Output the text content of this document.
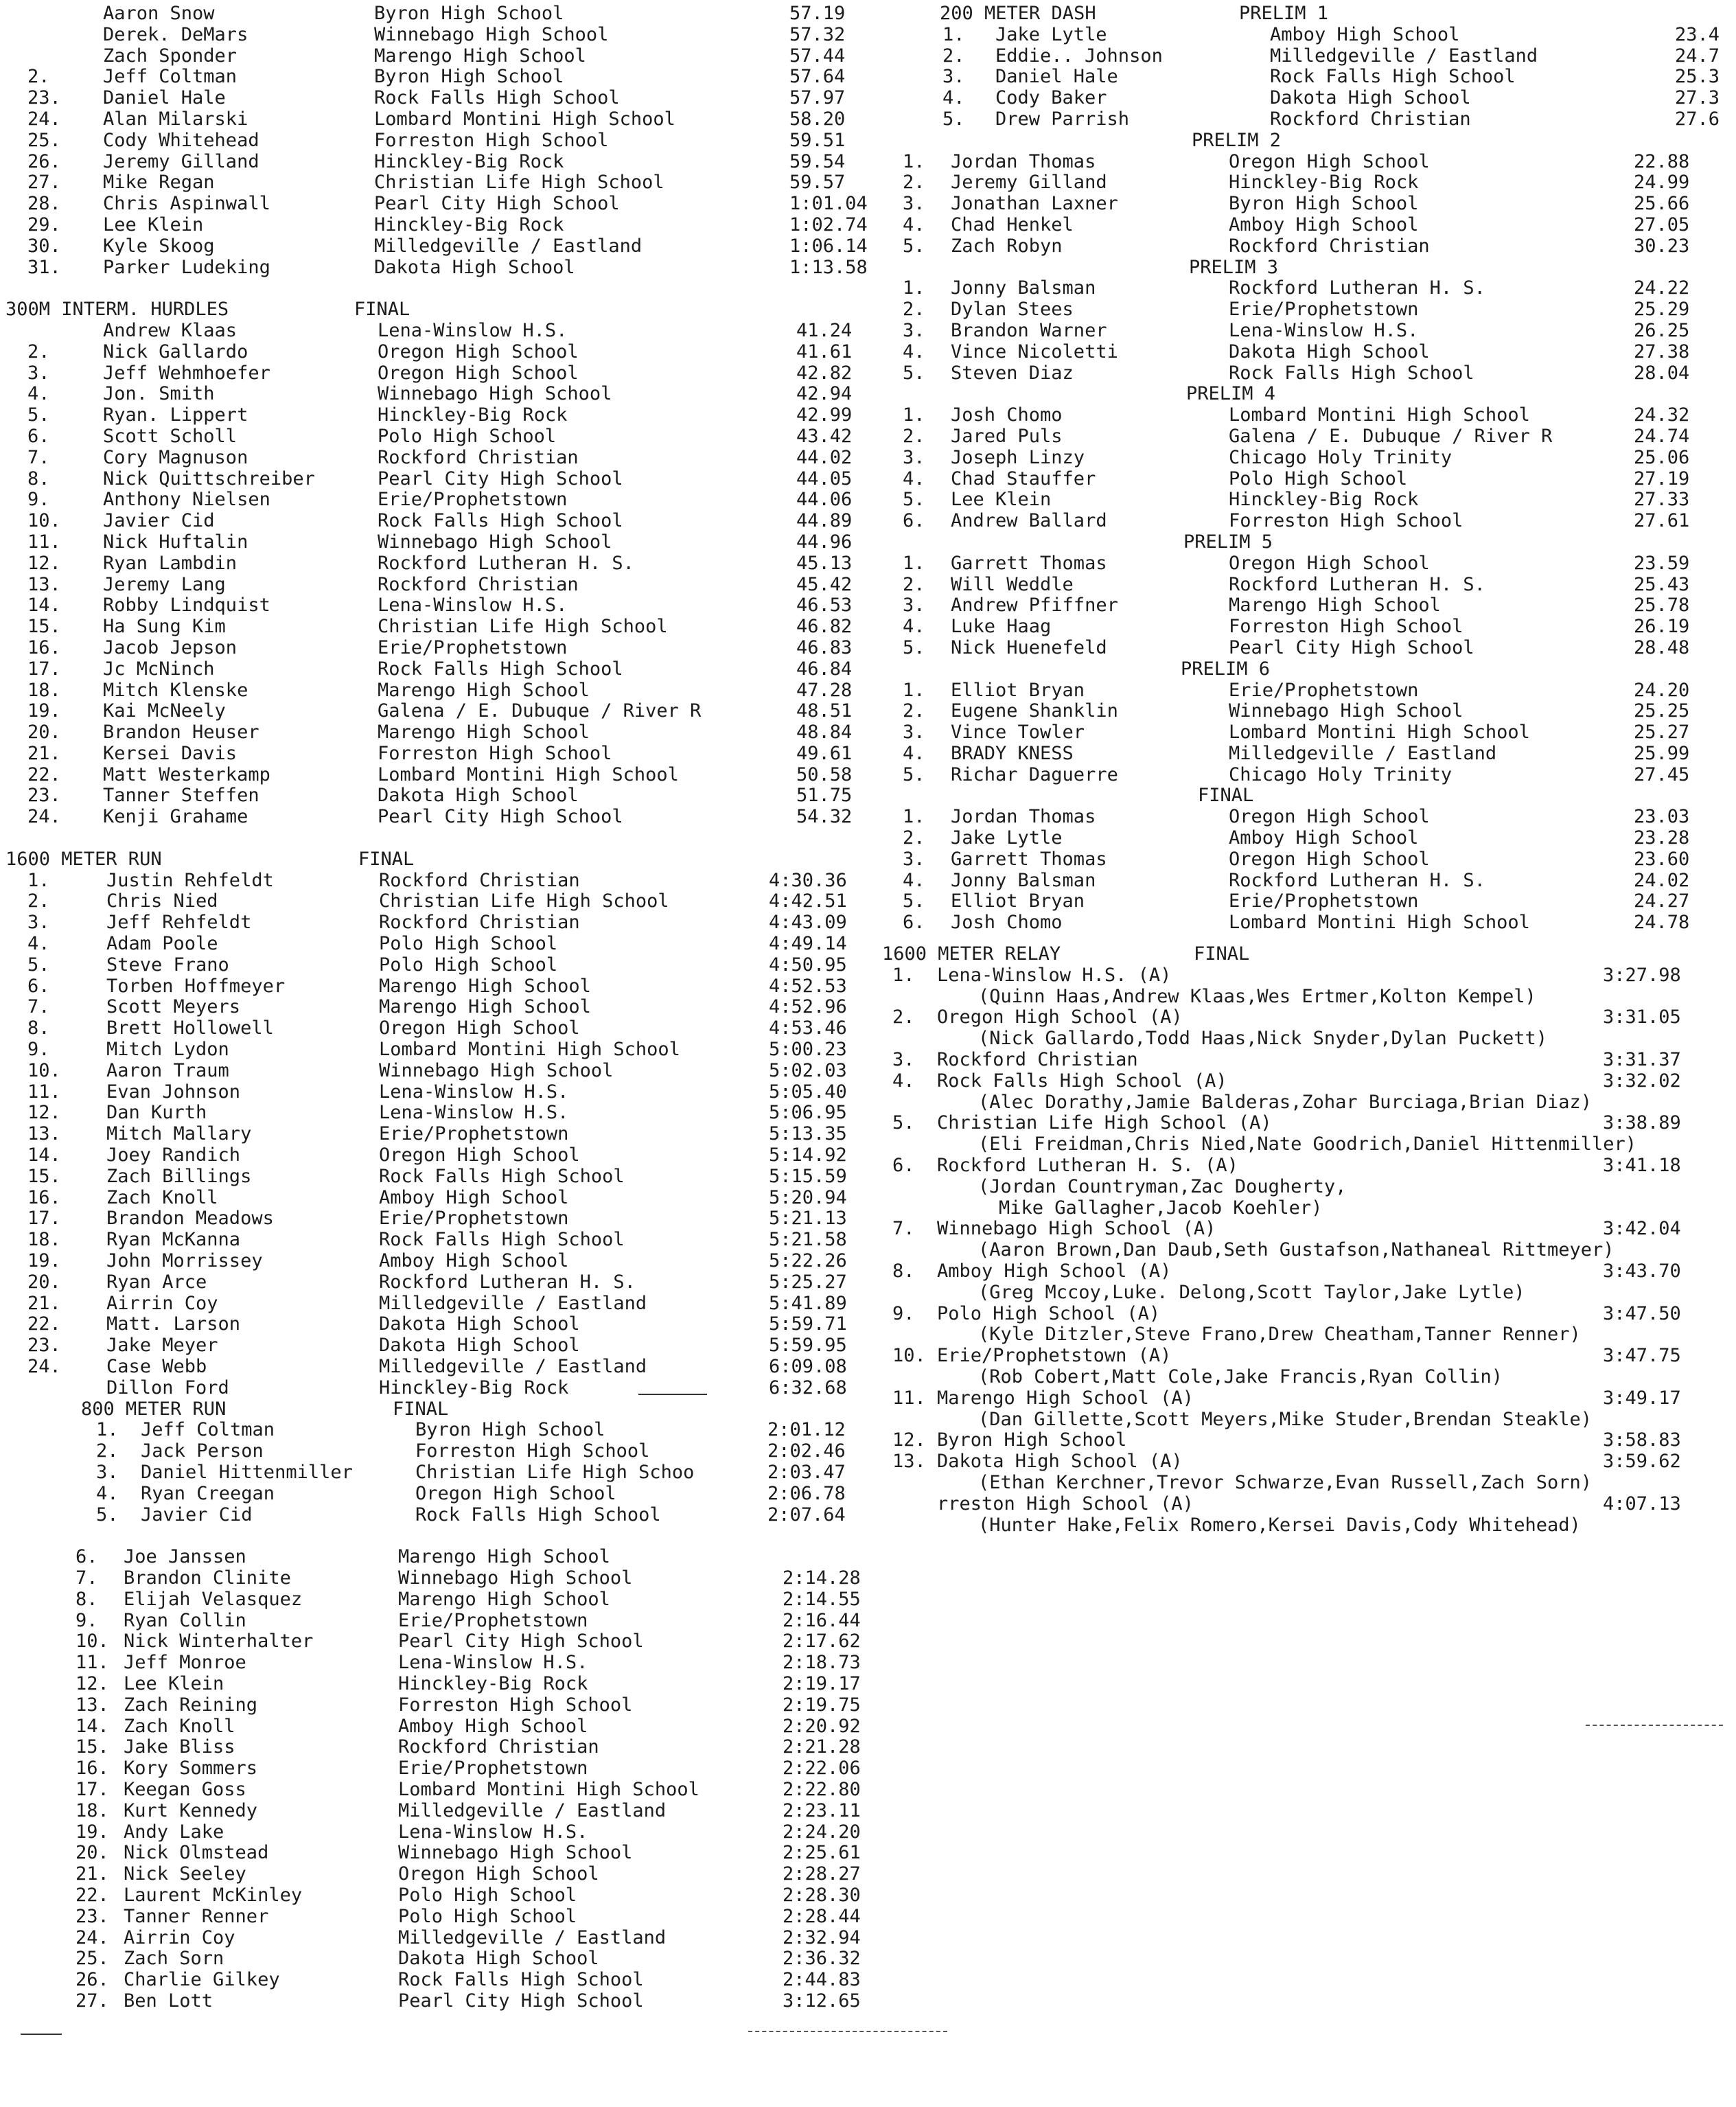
Aaron Snow	Byron High School	57.19
Derek. DeMars	Winnebago High School	57.32
Zach Sponder	Marengo High School	57.44
2.	Jeff Coltman	Byron High School	57.64
23. Daniel Hale	Rock Falls High School	57.97
24. Alan Milarski	Lombard Montini High School	58.20
25. Cody Whitehead	Forreston High School	59.51
26. Jeremy Gilland	Hinckley-Big Rock	59.54
27. Mike Regan	Christian Life High School	59.57
28. Chris Aspinwall	Pearl City High School	1:01.04
29. Lee Klein	Hinckley-Big Rock	1:02.74
30. Kyle Skoog	Milledgeville / Eastland	1:06.14
31. Parker Ludeking	Dakota High School	1:13.58
300M INTERM. HURDLES	FINAL
Andrew Klaas	Lena-Winslow H.S.	41.24
2.	Nick Gallardo	Oregon High School	41.61
3.	Jeff Wehmhoefer	Oregon High School	42.82
4.	Jon. Smith	Winnebago High School	42.94
5.	Ryan. Lippert	Hinckley-Big Rock	42.99
6.	Scott Scholl	Polo High School	43.42
7.	Cory Magnuson	Rockford Christian	44.02
8.	Nick Quittschreiber	Pearl City High School	44.05
9.	Anthony Nielsen	Erie/Prophetstown	44.06
10. Javier Cid	Rock Falls High School	44.89
11. Nick Huftalin	Winnebago High School	44.96
12. Ryan Lambdin	Rockford Lutheran H. S.	45.13
13. Jeremy Lang	Rockford Christian	45.42
14. Robby Lindquist	Lena-Winslow H.S.	46.53
15. Ha Sung Kim	Christian Life High School	46.82
16. Jacob Jepson	Erie/Prophetstown	46.83
17. Jc McNinch	Rock Falls High School	46.84
18. Mitch Klenske	Marengo High School	47.28
19. Kai McNeely	Galena / E. Dubuque / River R	48.51
20. Brandon Heuser	Marengo High School	48.84
21. Kersei Davis	Forreston High School	49.61
22. Matt Westerkamp	Lombard Montini High School	50.58
23. Tanner Steffen	Dakota High School	51.75
24. Kenji Grahame	Pearl City High School	54.32
1600 METER RUN	FINAL
1.	Justin Rehfeldt	Rockford Christian	4:30.36
2.	Chris Nied	Christian Life High School	4:42.51
3.	Jeff Rehfeldt	Rockford Christian	4:43.09
4.	Adam Poole	Polo High School	4:49.14
5.	Steve Frano	Polo High School	4:50.95
6.	Torben Hoffmeyer	Marengo High School	4:52.53
7.	Scott Meyers	Marengo High School	4:52.96
8.	Brett Hollowell	Oregon High School	4:53.46
9.	Mitch Lydon	Lombard Montini High School	5:00.23
10. Aaron Traum	Winnebago High School	5:02.03
11. Evan Johnson	Lena-Winslow H.S.	5:05.40
12. Dan Kurth	Lena-Winslow H.S.	5:06.95
13. Mitch Mallary	Erie/Prophetstown	5:13.35
14. Joey Randich	Oregon High School	5:14.92
15. Zach Billings	Rock Falls High School	5:15.59
16. Zach Knoll	Amboy High School	5:20.94
17. Brandon Meadows	Erie/Prophetstown	5:21.13
18. Ryan McKanna	Rock Falls High School	5:21.58
19. John Morrissey	Amboy High School	5:22.26
20. Ryan Arce	Rockford Lutheran H. S.	5:25.27
21. Airrin Coy	Milledgeville / Eastland	5:41.89
22. Matt. Larson	Dakota High School	5:59.71
23. Jake Meyer	Dakota High School	5:59.95
24. Case Webb	Milledgeville / Eastland	6:09.08
Dillon Ford	Hinckley-Big Rock	6:32.68
800 METER RUN	FINAL
1. Jeff Coltman	Byron High School	2:01.12
2. Jack Person	Forreston High School	2:02.46
3. Daniel Hittenmiller	Christian Life High Schoo	2:03.47
4. Ryan Creegan	Oregon High School	2:06.78
5. Javier Cid	Rock Falls High School	2:07.64
6. Joe Janssen	Marengo High School
7. Brandon Clinite	Winnebago High School	2:14.28
8. Elijah Velasquez	Marengo High School	2:14.55
9. Ryan Collin	Erie/Prophetstown	2:16.44
10. Nick Winterhalter	Pearl City High School	2:17.62
11. Jeff Monroe	Lena-Winslow H.S.	2:18.73
12. Lee Klein	Hinckley-Big Rock	2:19.17
13. Zach Reining	Forreston High School	2:19.75
14. Zach Knoll	Amboy High School	2:20.92
15. Jake Bliss	Rockford Christian	2:21.28
16. Kory Sommers	Erie/Prophetstown	2:22.06
17. Keegan Goss	Lombard Montini High School	2:22.80
18. Kurt Kennedy	Milledgeville / Eastland	2:23.11
19. Andy Lake	Lena-Winslow H.S.	2:24.20
20. Nick Olmstead	Winnebago High School	2:25.61
21. Nick Seeley	Oregon High School	2:28.27
22. Laurent McKinley	Polo High School	2:28.30
23. Tanner Renner	Polo High School	2:28.44
24. Airrin Coy	Milledgeville / Eastland	2:32.94
25. Zach Sorn	Dakota High School	2:36.32
26. Charlie Gilkey	Rock Falls High School	2:44.83
27. Ben Lott	Pearl City High School	3:12.65
200 METER DASH	PRELIM 1
1. Jake Lytle	Amboy High School	23.4
2. Eddie.. Johnson	Milledgeville / Eastland	24.7
3. Daniel Hale	Rock Falls High School	25.3
4. Cody Baker	Dakota High School	27.3
5. Drew Parrish	Rockford Christian	27.6
PRELIM 2
1. Jordan Thomas	Oregon High School	22.88
2. Jeremy Gilland	Hinckley-Big Rock	24.99
3. Jonathan Laxner	Byron High School	25.66
4. Chad Henkel	Amboy High School	27.05
5. Zach Robyn	Rockford Christian	30.23
PRELIM 3
1. Jonny Balsman	Rockford Lutheran H. S.	24.22
2. Dylan Stees	Erie/Prophetstown	25.29
3. Brandon Warner	Lena-Winslow H.S.	26.25
4. Vince Nicoletti	Dakota High School	27.38
5. Steven Diaz	Rock Falls High School	28.04
PRELIM 4
1. Josh Chomo	Lombard Montini High School	24.32
2. Jared Puls	Galena / E. Dubuque / River R	24.74
3. Joseph Linzy	Chicago Holy Trinity	25.06
4. Chad Stauffer	Polo High School	27.19
5. Lee Klein	Hinckley-Big Rock	27.33
6. Andrew Ballard	Forreston High School	27.61
PRELIM 5
1. Garrett Thomas	Oregon High School	23.59
2. Will Weddle	Rockford Lutheran H. S.	25.43
3. Andrew Pfiffner	Marengo High School	25.78
4. Luke Haag	Forreston High School	26.19
5. Nick Huenefeld	Pearl City High School	28.48
PRELIM 6
1. Elliot Bryan	Erie/Prophetstown	24.20
2. Eugene Shanklin	Winnebago High School	25.25
3. Vince Towler	Lombard Montini High School	25.27
4. BRADY KNESS	Milledgeville / Eastland	25.99
5. Richar Daguerre	Chicago Holy Trinity	27.45
FINAL
1. Jordan Thomas	Oregon High School	23.03
2. Jake Lytle	Amboy High School	23.28
3. Garrett Thomas	Oregon High School	23.60
4. Jonny Balsman	Rockford Lutheran H. S.	24.02
5. Elliot Bryan	Erie/Prophetstown	24.27
6. Josh Chomo	Lombard Montini High School	24.78
1600 METER RELAY	FINAL
1. Lena-Winslow H.S. (A)	3:27.98
(Quinn Haas,Andrew Klaas,Wes Ertmer,Kolton Kempel)
2. Oregon High School (A)	3:31.05
(Nick Gallardo,Todd Haas,Nick Snyder,Dylan Puckett)
3. Rockford Christian	3:31.37
4. Rock Falls High School (A)	3:32.02
(Alec Dorathy,Jamie Balderas,Zohar Burciaga,Brian Diaz)
5. Christian Life High School (A)	3:38.89
(Eli Freidman,Chris Nied,Nate Goodrich,Daniel Hittenmiller)
6. Rockford Lutheran H. S. (A)	3:41.18
(Jordan Countryman,Zac Dougherty,
Mike Gallagher,Jacob Koehler)
7. Winnebago High School (A)	3:42.04
(Aaron Brown,Dan Daub,Seth Gustafson,Nathaneal Rittmeyer)
8. Amboy High School (A)	3:43.70
(Greg Mccoy,Luke. Delong,Scott Taylor,Jake Lytle)
9. Polo High School (A)	3:47.50
(Kyle Ditzler,Steve Frano,Drew Cheatham,Tanner Renner)
10. Erie/Prophetstown (A)	3:47.75
(Rob Cobert,Matt Cole,Jake Francis,Ryan Collin)
11. Marengo High School (A)	3:49.17
(Dan Gillette,Scott Meyers,Mike Studer,Brendan Steakle)
12. Byron High School	3:58.83
13. Dakota High School (A)	3:59.62
(Ethan Kerchner,Trevor Schwarze,Evan Russell,Zach Sorn)
rreston High School (A)	4:07.13
(Hunter Hake,Felix Romero,Kersei Davis,Cody Whitehead)
